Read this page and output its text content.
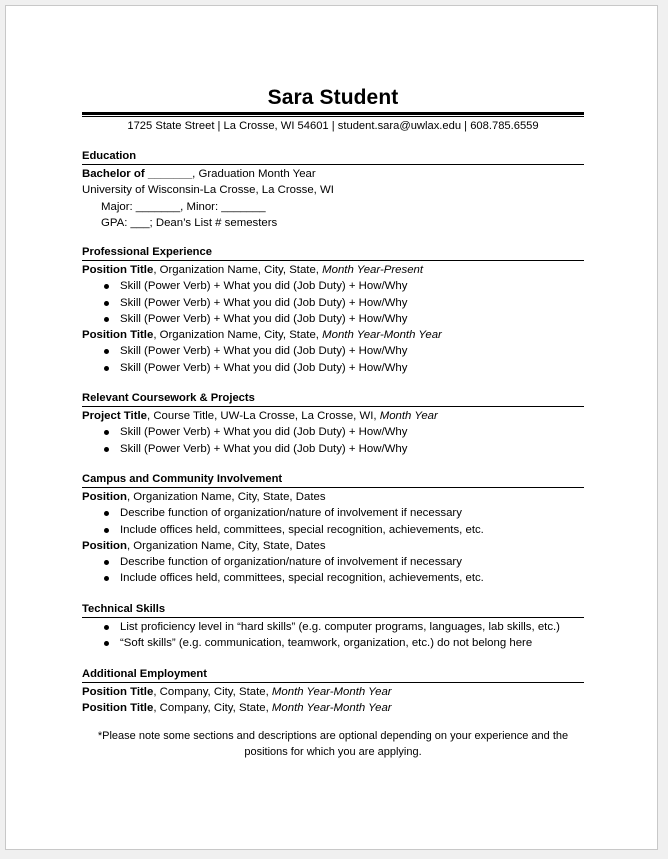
Sara Student
1725 State Street | La Crosse, WI 54601 | student.sara@uwlax.edu | 608.785.6559
Education
Bachelor of _______, Graduation Month Year
University of Wisconsin-La Crosse, La Crosse, WI
Major: _______, Minor: _______
GPA: ___; Dean’s List # semesters
Professional Experience
Position Title, Organization Name, City, State, Month Year-Present
Skill (Power Verb) + What you did (Job Duty) + How/Why
Skill (Power Verb) + What you did (Job Duty) + How/Why
Skill (Power Verb) + What you did (Job Duty) + How/Why
Position Title, Organization Name, City, State, Month Year-Month Year
Skill (Power Verb) + What you did (Job Duty) + How/Why
Skill (Power Verb) + What you did (Job Duty) + How/Why
Relevant Coursework & Projects
Project Title, Course Title, UW-La Crosse, La Crosse, WI, Month Year
Skill (Power Verb) + What you did (Job Duty) + How/Why
Skill (Power Verb) + What you did (Job Duty) + How/Why
Campus and Community Involvement
Position, Organization Name, City, State, Dates
Describe function of organization/nature of involvement if necessary
Include offices held, committees, special recognition, achievements, etc.
Position, Organization Name, City, State, Dates
Describe function of organization/nature of involvement if necessary
Include offices held, committees, special recognition, achievements, etc.
Technical Skills
List proficiency level in “hard skills” (e.g. computer programs, languages, lab skills, etc.)
“Soft skills” (e.g. communication, teamwork, organization, etc.) do not belong here
Additional Employment
Position Title, Company, City, State, Month Year-Month Year
Position Title, Company, City, State, Month Year-Month Year
*Please note some sections and descriptions are optional depending on your experience and the
positions for which you are applying.
